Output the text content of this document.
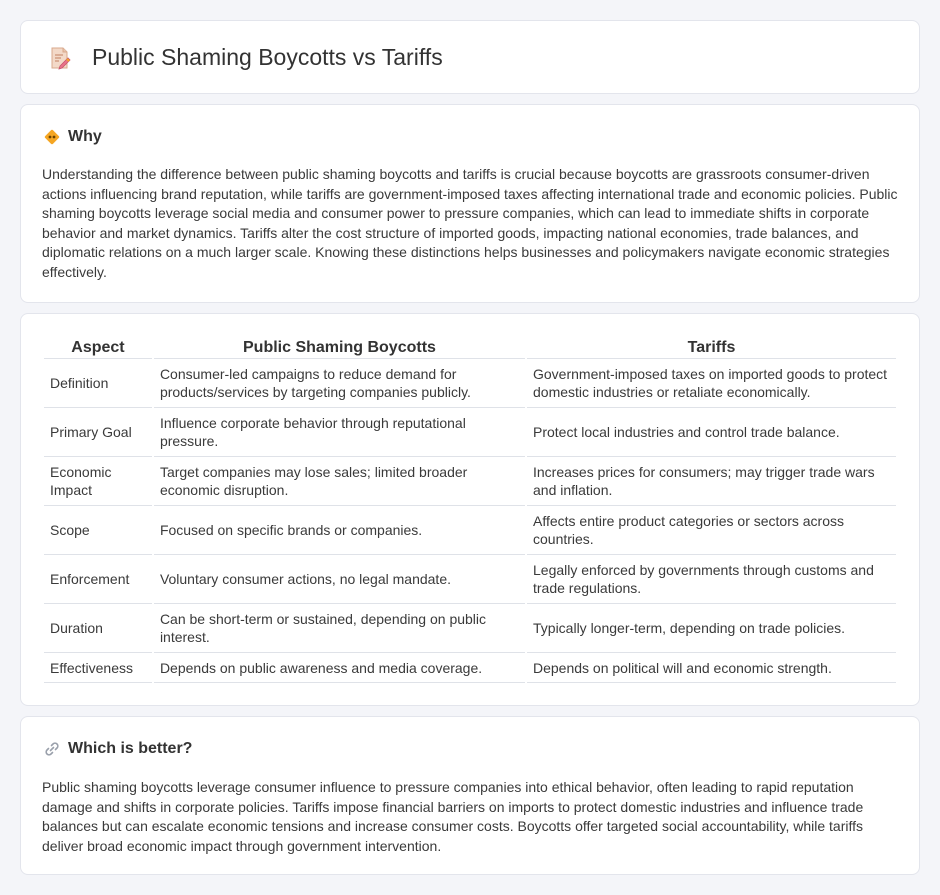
Public Shaming Boycotts vs Tariffs
Why

Understanding the difference between public shaming boycotts and tariffs is crucial because boycotts are grassroots consumer-driven actions influencing brand reputation, while tariffs are government-imposed taxes affecting international trade and economic policies. Public shaming boycotts leverage social media and consumer power to pressure companies, which can lead to immediate shifts in corporate behavior and market dynamics. Tariffs alter the cost structure of imported goods, impacting national economies, trade balances, and diplomatic relations on a much larger scale. Knowing these distinctions helps businesses and policymakers navigate economic strategies effectively.

Aspect	Public Shaming Boycotts	Tariffs
Definition	Consumer-led campaigns to reduce demand for products/services by targeting companies publicly.	Government-imposed taxes on imported goods to protect domestic industries or retaliate economically.
Primary Goal	Influence corporate behavior through reputational pressure.	Protect local industries and control trade balance.
Economic Impact	Target companies may lose sales; limited broader economic disruption.	Increases prices for consumers; may trigger trade wars and inflation.
Scope	Focused on specific brands or companies.	Affects entire product categories or sectors across countries.
Enforcement	Voluntary consumer actions, no legal mandate.	Legally enforced by governments through customs and trade regulations.
Duration	Can be short-term or sustained, depending on public interest.	Typically longer-term, depending on trade policies.
Effectiveness	Depends on public awareness and media coverage.	Depends on political will and economic strength.
Which is better?

Public shaming boycotts leverage consumer influence to pressure companies into ethical behavior, often leading to rapid reputation damage and shifts in corporate policies. Tariffs impose financial barriers on imports to protect domestic industries and influence trade balances but can escalate economic tensions and increase consumer costs. Boycotts offer targeted social accountability, while tariffs deliver broad economic impact through government intervention.
